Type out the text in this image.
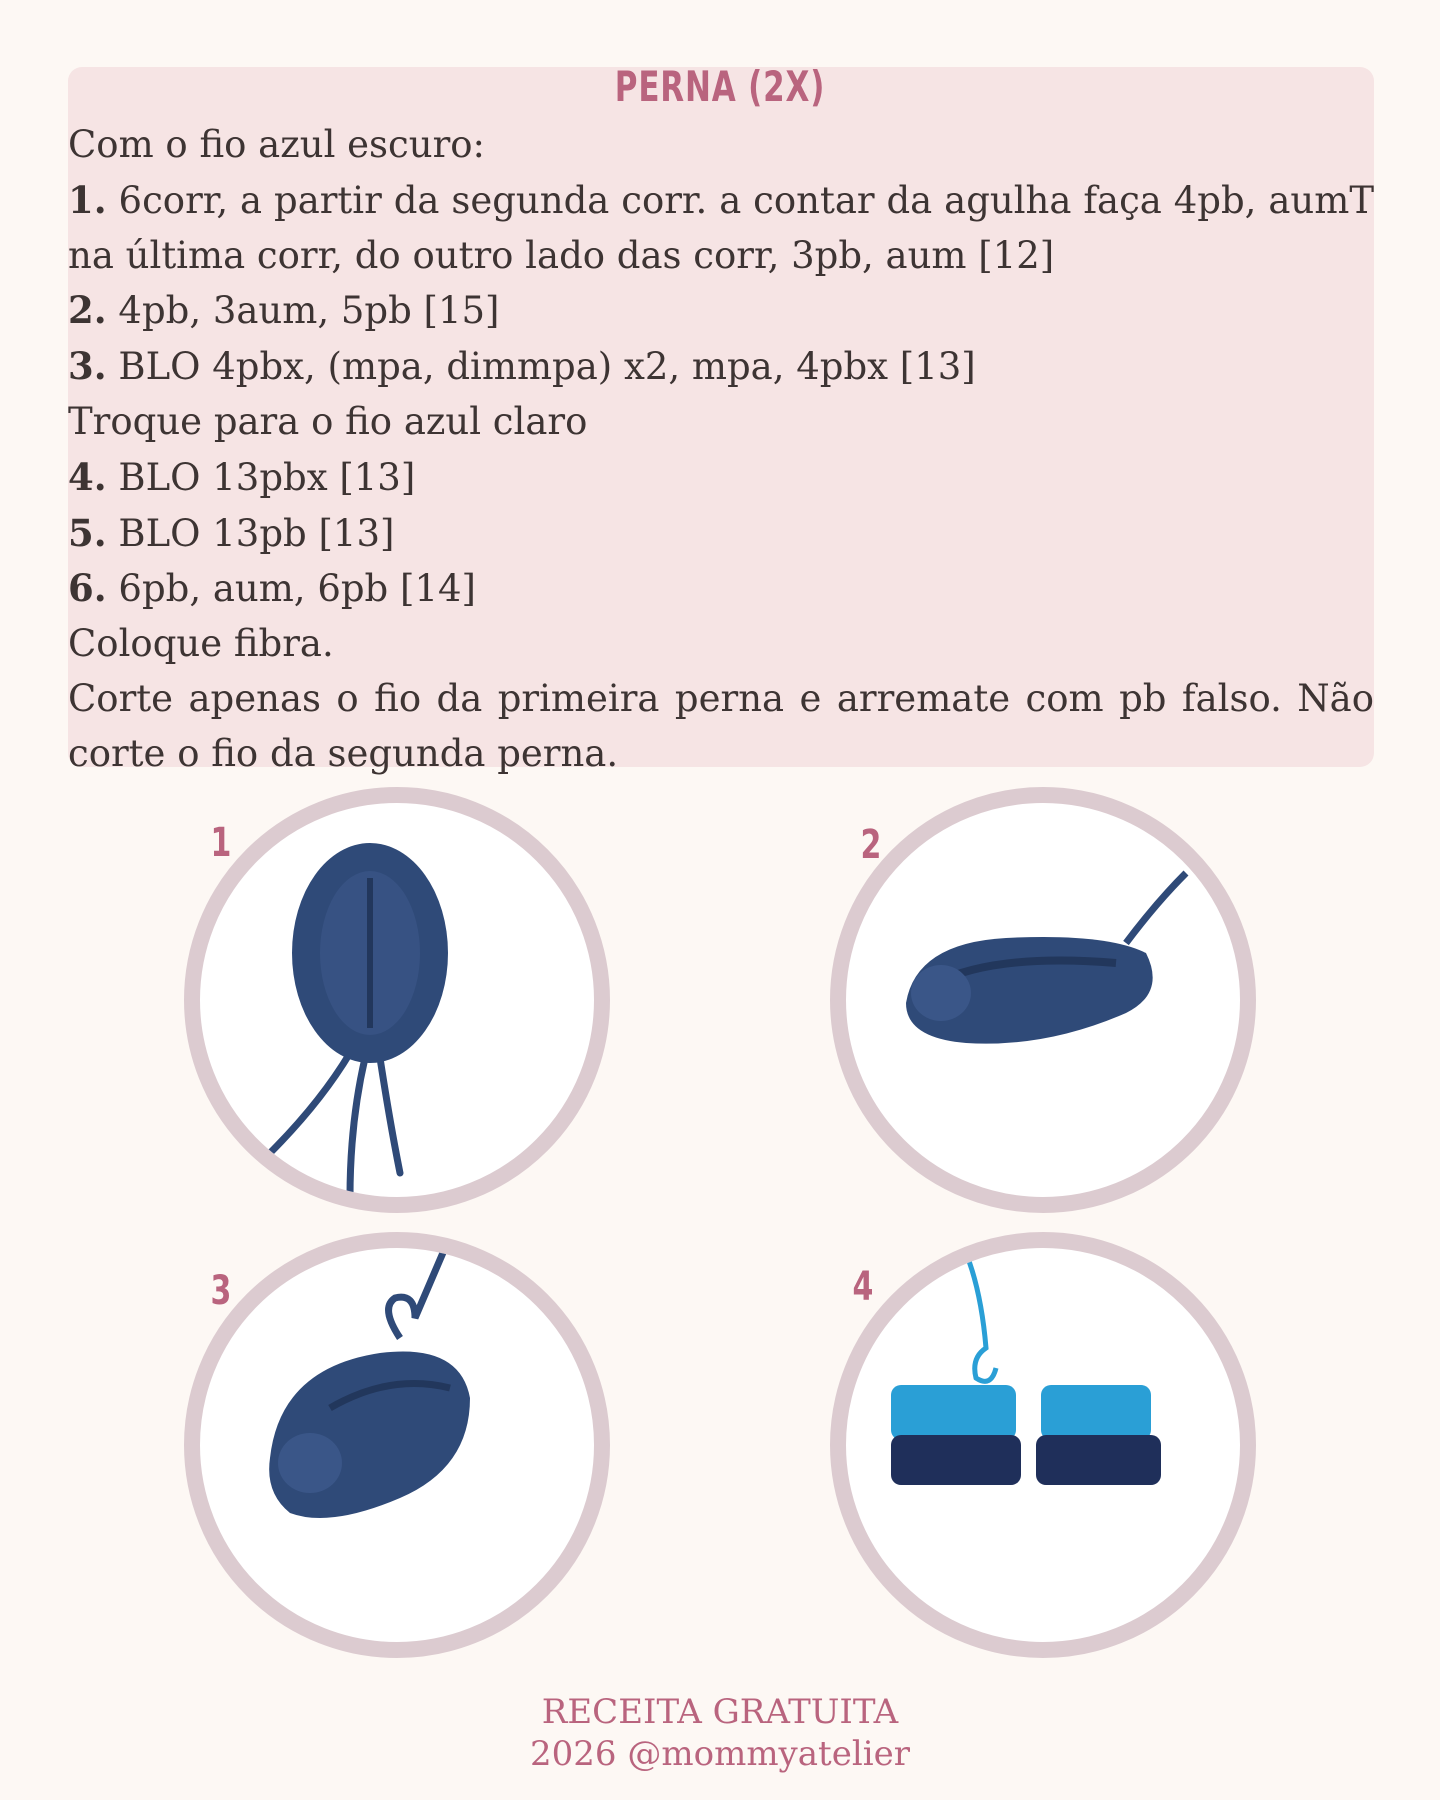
PERNA (2X)
Com o fio azul escuro:
1. 6corr, a partir da segunda corr. a contar da agulha faça 4pb, aumT na última corr, do outro lado das corr, 3pb, aum [12]
2. 4pb, 3aum, 5pb [15]
3. BLO 4pbx, (mpa, dimmpa) x2, mpa, 4pbx [13]
Troque para o fio azul claro
4. BLO 13pbx [13]
5. BLO 13pb [13]
6. 6pb, aum, 6pb [14]
Coloque fibra.
Corte apenas o fio da primeira perna e arremate com pb falso. Não corte o fio da segunda perna.
1	2
3	4
RECEITA GRATUITA
2026 @mommyatelier
